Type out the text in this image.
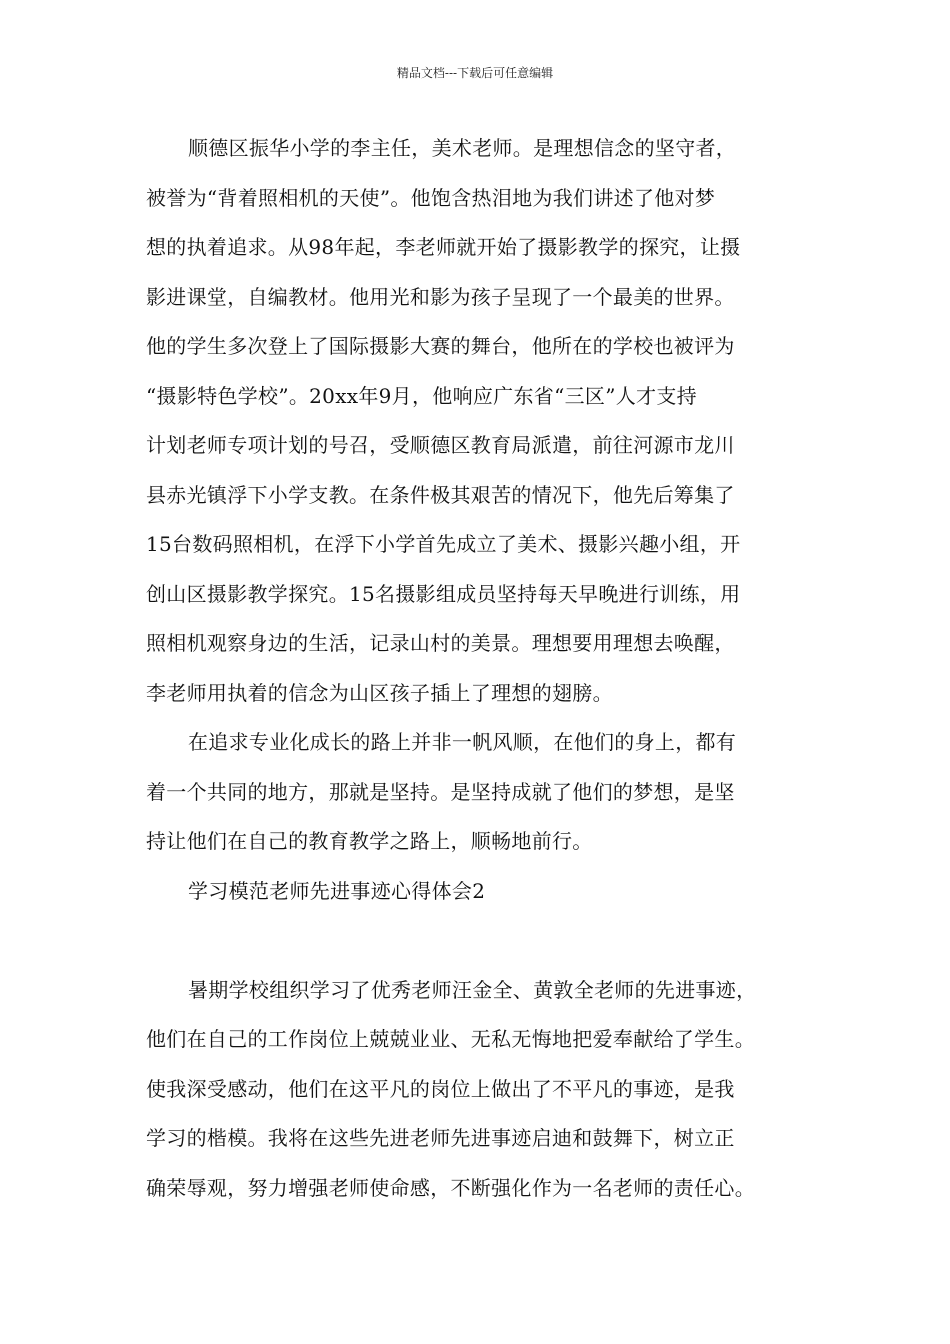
精品文档---下载后可任意编辑
顺德区振华小学的李主任，美术老师。是理想信念的坚守者，
被誉为“背着照相机的天使”。他饱含热泪地为我们讲述了他对梦
想的执着追求。从98年起，李老师就开始了摄影教学的探究，让摄
影进课堂，自编教材。他用光和影为孩子呈现了一个最美的世界。
他的学生多次登上了国际摄影大赛的舞台，他所在的学校也被评为
“摄影特色学校”。20xx年9月，他响应广东省“三区”人才支持
计划老师专项计划的号召，受顺德区教育局派遣，前往河源市龙川
县赤光镇浮下小学支教。在条件极其艰苦的情况下，他先后筹集了
15台数码照相机，在浮下小学首先成立了美术、摄影兴趣小组，开
创山区摄影教学探究。15名摄影组成员坚持每天早晚进行训练，用
照相机观察身边的生活，记录山村的美景。理想要用理想去唤醒，
李老师用执着的信念为山区孩子插上了理想的翅膀。
在追求专业化成长的路上并非一帆风顺，在他们的身上，都有
着一个共同的地方，那就是坚持。是坚持成就了他们的梦想，是坚
持让他们在自己的教育教学之路上，顺畅地前行。
学习模范老师先进事迹心得体会2
暑期学校组织学习了优秀老师汪金全、黄敦全老师的先进事迹，
他们在自己的工作岗位上兢兢业业、无私无悔地把爱奉献给了学生。
使我深受感动，他们在这平凡的岗位上做出了不平凡的事迹，是我
学习的楷模。我将在这些先进老师先进事迹启迪和鼓舞下，树立正
确荣辱观，努力增强老师使命感，不断强化作为一名老师的责任心。
